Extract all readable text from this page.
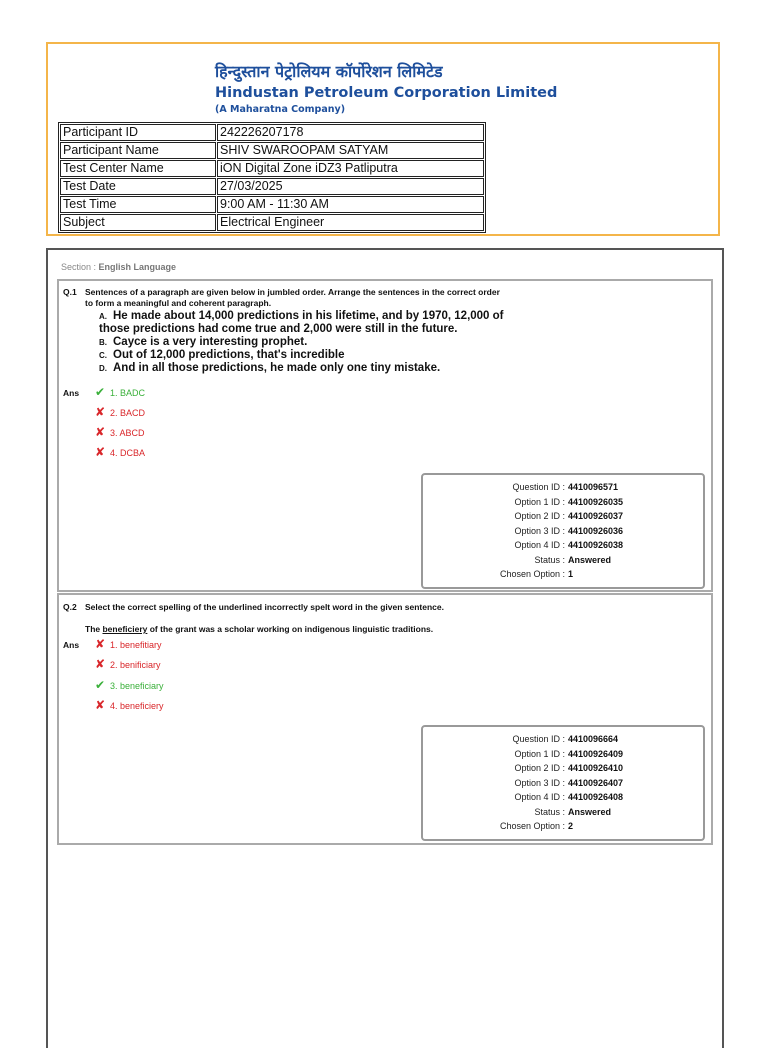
हिन्दुस्तान पेट्रोलियम कॉर्पोरेशन लिमिटेड
Hindustan Petroleum Corporation Limited
(A Maharatna Company)
Participant ID	242226207178
Participant Name	SHIV SWAROOPAM SATYAM
Test Center Name	iON Digital Zone iDZ3 Patliputra
Test Date	27/03/2025
Test Time	9:00 AM - 11:30 AM
Subject	Electrical Engineer
Section : English Language
Q.1 Sentences of a paragraph are given below in jumbled order. Arrange the sentences in the correct order to form a meaningful and coherent paragraph.
A. He made about 14,000 predictions in his lifetime, and by 1970, 12,000 of those predictions had come true and 2,000 were still in the future.
B. Cayce is a very interesting prophet.
C. Out of 12,000 predictions, that's incredible
D. And in all those predictions, he made only one tiny mistake.
Ans ✔ 1. BADC
✘ 2. BACD
✘ 3. ABCD
✘ 4. DCBA
Question ID : 4410096571
Option 1 ID : 44100926035
Option 2 ID : 44100926037
Option 3 ID : 44100926036
Option 4 ID : 44100926038
Status : Answered
Chosen Option : 1
Q.2 Select the correct spelling of the underlined incorrectly spelt word in the given sentence.
The beneficiery of the grant was a scholar working on indigenous linguistic traditions.
Ans ✘ 1. benefitiary
✘ 2. benificiary
✔ 3. beneficiary
✘ 4. beneficiery
Question ID : 4410096664
Option 1 ID : 44100926409
Option 2 ID : 44100926410
Option 3 ID : 44100926407
Option 4 ID : 44100926408
Status : Answered
Chosen Option : 2
